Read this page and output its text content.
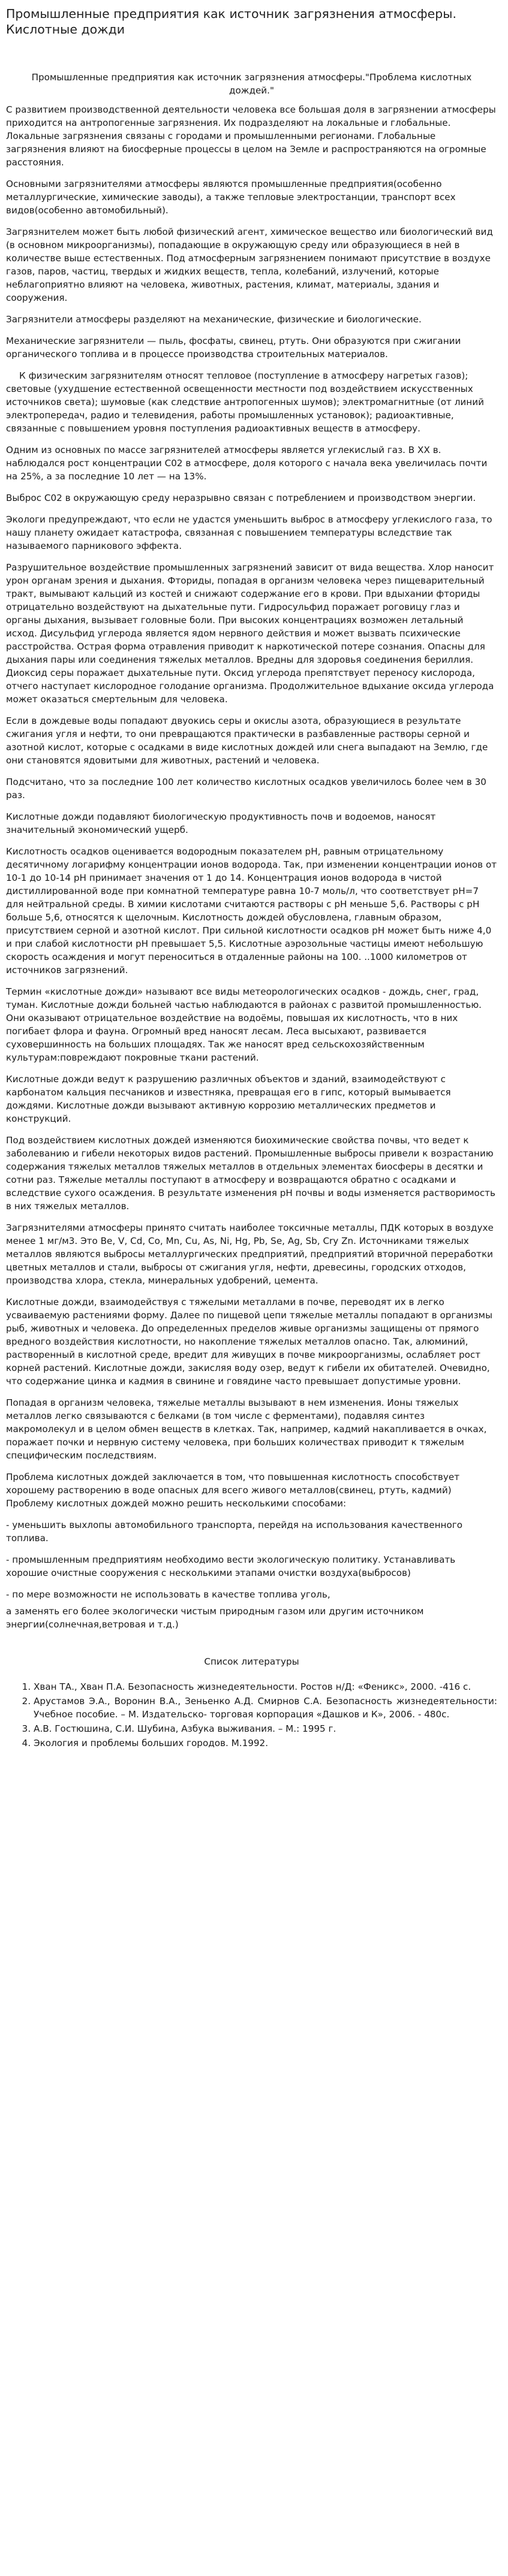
Промышленные предприятия как источник загрязнения атмосферы. Кислотные дожди
Промышленные предприятия как источник загрязнения атмосферы."Проблема кислотных дождей."

С развитием производственной деятельности человека все большая доля в загрязнении атмосферы приходится на антропогенные загрязнения. Их подразделяют на локальные и глобальные. Локальные загрязнения связаны с городами и промышленными регионами. Глобальные загрязнения влияют на биосферные процессы в целом на Земле и распространяются на огромные расстояния.

Основными загрязнителями атмосферы являются промышленные предприятия(особенно металлургические, химические заводы), а также тепловые электростанции, транспорт всех видов(особенно автомобильный).

Загрязнителем может быть любой физический агент, химическое вещество или биологический вид (в основном микроорганизмы), попадающие в окружающую среду или образующиеся в ней в количестве выше естественных. Под атмосферным загрязнением понимают присутствие в воздухе газов, паров, частиц, твердых и жидких веществ, тепла, колебаний, излучений, которые неблагоприятно влияют на человека, животных, растения, климат, материалы, здания и сооружения.

Загрязнители атмосферы разделяют на механические, физические и биологические.

Механические загрязнители — пыль, фосфаты, свинец, ртуть. Они образуются при сжигании органического топлива и в процессе производства строительных материалов.

К физическим загрязнителям относят тепловое (поступление в атмосферу нагретых газов); световые (ухудшение естественной освещенности местности под воздействием искусственных источников света); шумовые (как следствие антропогенных шумов); электромагнитные (от линий электропередач, радио и телевидения, работы промышленных установок); радиоактивные, связанные с повышением уровня поступления радиоактивных веществ в атмосферу.

Одним из основных по массе загрязнителей атмосферы является углекислый газ. В XX в. наблюдался рост концентрации С02 в атмосфере, доля которого с начала века увеличилась почти на 25%, а за последние 10 лет — на 13%.

Выброс С02 в окружающую среду неразрывно связан с потреблением и производством энергии.

Экологи предупреждают, что если не удастся уменьшить выброс в атмосферу углекислого газа, то нашу планету ожидает катастрофа, связанная с повышением температуры вследствие так называемого парникового эффекта.

Разрушительное воздействие промышленных загрязнений зависит от вида вещества. Хлор наносит урон органам зрения и дыхания. Фториды, попадая в организм человека через пищеварительный тракт, вымывают кальций из костей и снижают содержание его в крови. При вдыхании фториды отрицательно воздействуют на дыхательные пути. Гидросульфид поражает роговицу глаз и органы дыхания, вызывает головные боли. При высоких концентрациях возможен летальный исход. Дисульфид углерода является ядом нервного действия и может вызвать психические расстройства. Острая форма отравления приводит к наркотической потере сознания. Опасны для дыхания пары или соединения тяжелых металлов. Вредны для здоровья соединения бериллия. Диоксид серы поражает дыхательные пути. Оксид углерода препятствует переносу кислорода, отчего наступает кислородное голодание организма. Продолжительное вдыхание оксида углерода может оказаться смертельным для человека.

Если в дождевые воды попадают двуокись серы и окислы азота, образующиеся в результате сжигания угля и нефти, то они превращаются практически в разбавленные растворы серной и азотной кислот, которые с осадками в виде кислотных дождей или снега выпадают на Землю, где они становятся ядовитыми для животных, растений и человека.

Подсчитано, что за последние 100 лет количество кислотных осадков увеличилось более чем в 30 раз.

Кислотные дожди подавляют биологическую продуктивность почв и водоемов, наносят значительный экономический ущерб.

Кислотность осадков оценивается водородным показателем pH, равным отрицательному десятичному логарифму концентрации ионов водорода. Так, при изменении концентрации ионов от 10-1 до 10-14 pH принимает значения от 1 до 14. Концентрация ионов водорода в чистой дистиллированной воде при комнатной температуре равна 10-7 моль/л, что соответствует pH=7 для нейтральной среды. В химии кислотами считаются растворы с pH меньше 5,6. Растворы с pH больше 5,6, относятся к щелочным. Кислотность дождей обусловлена, главным образом, присутствием серной и азотной кислот. При сильной кислотности осадков pH может быть ниже 4,0 и при слабой кислотности pH превышает 5,5. Кислотные аэрозольные частицы имеют небольшую скорость осаждения и могут переноситься в отдаленные районы на 100. ..1000 километров от источников загрязнений.

Термин «кислотные дожди» называют все виды метеорологических осадков - дождь, снег, град, туман. Кислотные дожди больней частью наблюдаются в районах с развитой промышленностью. Они оказывают отрицательное воздействие на водоёмы, повышая их кислотность, что в них погибает флора и фауна. Огромный вред наносят лесам. Леса высыхают, развивается суховершинность на больших площадях. Так же наносят вред сельскохозяйственным культурам:повреждают покровные ткани растений.

Кислотные дожди ведут к разрушению различных объектов и зданий, взаимодействуют с карбонатом кальция песчаников и известняка, превращая его в гипс, который вымывается дождями. Кислотные дожди вызывают активную коррозию металлических предметов и конструкций.

Под воздействием кислотных дождей изменяются биохимические свойства почвы, что ведет к заболеванию и гибели некоторых видов растений. Промышленные выбросы привели к возрастанию содержания тяжелых металлов тяжелых металлов в отдельных элементах биосферы в десятки и сотни раз. Тяжелые металлы поступают в атмосферу и возвращаются обратно с осадками и вследствие сухого осаждения. В результате изменения pH почвы и воды изменяется растворимость в них тяжелых металлов.

Загрязнителями атмосферы принято считать наиболее токсичные металлы, ПДК которых в воздухе менее 1 мг/м3. Это Be, V, Cd, Co, Mn, Cu, As, Ni, Hg, Pb, Se, Ag, Sb, Cry Zn. Источниками тяжелых металлов являются выбросы металлургических предприятий, предприятий вторичной переработки цветных металлов и стали, выбросы от сжигания угля, нефти, древесины, городских отходов, производства хлора, стекла, минеральных удобрений, цемента.

Кислотные дожди, взаимодействуя с тяжелыми металлами в почве, переводят их в легко усваиваемую растениями форму. Далее по пищевой цепи тяжелые металлы попадают в организмы рыб, животных и человека. До определенных пределов живые организмы защищены от прямого вредного воздействия кислотности, но накопление тяжелых металлов опасно. Так, алюминий, растворенный в кислотной среде, вредит для живущих в почве микроорганизмы, ослабляет рост корней растений. Кислотные дожди, закисляя воду озер, ведут к гибели их обитателей. Очевидно, что содержание цинка и кадмия в свинине и говядине часто превышает допустимые уровни.

Попадая в организм человека, тяжелые металлы вызывают в нем изменения. Ионы тяжелых металлов легко связываются с белками (в том числе с ферментами), подавляя синтез макромолекул и в целом обмен веществ в клетках. Так, например, кадмий накапливается в очках, поражает почки и нервную систему человека, при больших количествах приводит к тяжелым специфическим последствиям.

Проблема кислотных дождей заключается в том, что повышенная кислотность способствует хорошему растворению в воде опасных для всего живого металлов(свинец, ртуть, кадмий) Проблему кислотных дождей можно решить несколькими способами:

- уменьшить выхлопы автомобильного транспорта, перейдя на использования качественного топлива.

- промышленным предприятиям необходимо вести экологическую политику. Устанавливать хорошие очистные сооружения с несколькими этапами очистки воздуха(выбросов)

- по мере возможности не использовать в качестве топлива уголь,

а заменять его более экологически чистым природным газом или другим источником энергии(солнечная,ветровая и т.д.)

Список литературы
1. Хван ТА., Хван П.А. Безопасность жизнедеятельности. Ростов н/Д: «Феникс», 2000. -416 с.
2. Арустамов Э.А., Воронин В.А., Зеньенко А.Д. Смирнов С.А. Безопасность жизнедеятельности: Учебное пособие. – М. Издательско- торговая корпорация «Дашков и К», 2006. - 480с.
3. А.В. Гостюшина, С.И. Шубина, Азбука выживания. – М.: 1995 г.
4. Экология и проблемы больших городов. М.1992.
